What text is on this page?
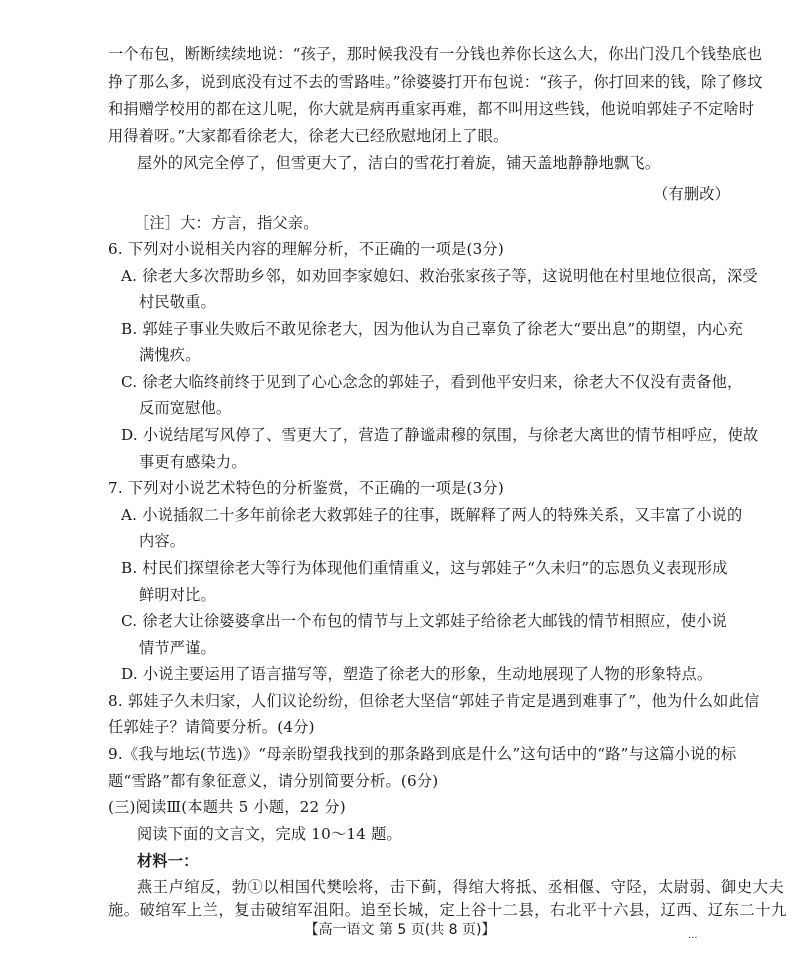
一个布包，断断续续地说：“孩子，那时候我没有一分钱也养你长这么大，你出门没几个钱垫底也
挣了那么多，说到底没有过不去的雪路哇。”徐婆婆打开布包说：“孩子，你打回来的钱，除了修坟
和捐赠学校用的都在这儿呢，你大就是病再重家再难，都不叫用这些钱，他说咱郭娃子不定啥时
用得着呀。”大家都看徐老大，徐老大已经欣慰地闭上了眼。
屋外的风完全停了，但雪更大了，洁白的雪花打着旋，铺天盖地静静地飘飞。
（有删改）
［注］大：方言，指父亲。
6. 下列对小说相关内容的理解分析，不正确的一项是(3分)
A. 徐老大多次帮助乡邻，如劝回李家媳妇、救治张家孩子等，这说明他在村里地位很高，深受
村民敬重。
B. 郭娃子事业失败后不敢见徐老大，因为他认为自己辜负了徐老大“要出息”的期望，内心充
满愧疚。
C. 徐老大临终前终于见到了心心念念的郭娃子，看到他平安归来，徐老大不仅没有责备他，
反而宽慰他。
D. 小说结尾写风停了、雪更大了，营造了静谧肃穆的氛围，与徐老大离世的情节相呼应，使故
事更有感染力。
7. 下列对小说艺术特色的分析鉴赏，不正确的一项是(3分)
A. 小说插叙二十多年前徐老大救郭娃子的往事，既解释了两人的特殊关系，又丰富了小说的
内容。
B. 村民们探望徐老大等行为体现他们重情重义，这与郭娃子“久未归”的忘恩负义表现形成
鲜明对比。
C. 徐老大让徐婆婆拿出一个布包的情节与上文郭娃子给徐老大邮钱的情节相照应，使小说
情节严谨。
D. 小说主要运用了语言描写等，塑造了徐老大的形象，生动地展现了人物的形象特点。
8. 郭娃子久未归家，人们议论纷纷，但徐老大坚信“郭娃子肯定是遇到难事了”，他为什么如此信
任郭娃子？请简要分析。(4分)
9.《我与地坛(节选)》“母亲盼望我找到的那条路到底是什么”这句话中的“路”与这篇小说的标
题“雪路”都有象征意义，请分别简要分析。(6分)
(三)阅读Ⅲ(本题共 5 小题，22 分)
阅读下面的文言文，完成 10～14 题。
材料一：
燕王卢绾反，勃①以相国代樊哙将，击下蓟，得绾大将抵、丞相偃、守陉，太尉弱、御史大夫
施。破绾军上兰，复击破绾军沮阳。追至长城，定上谷十二县，右北平十六县，辽西、辽东二十九
【高一语文 第 5 页(共 8 页)】	...
